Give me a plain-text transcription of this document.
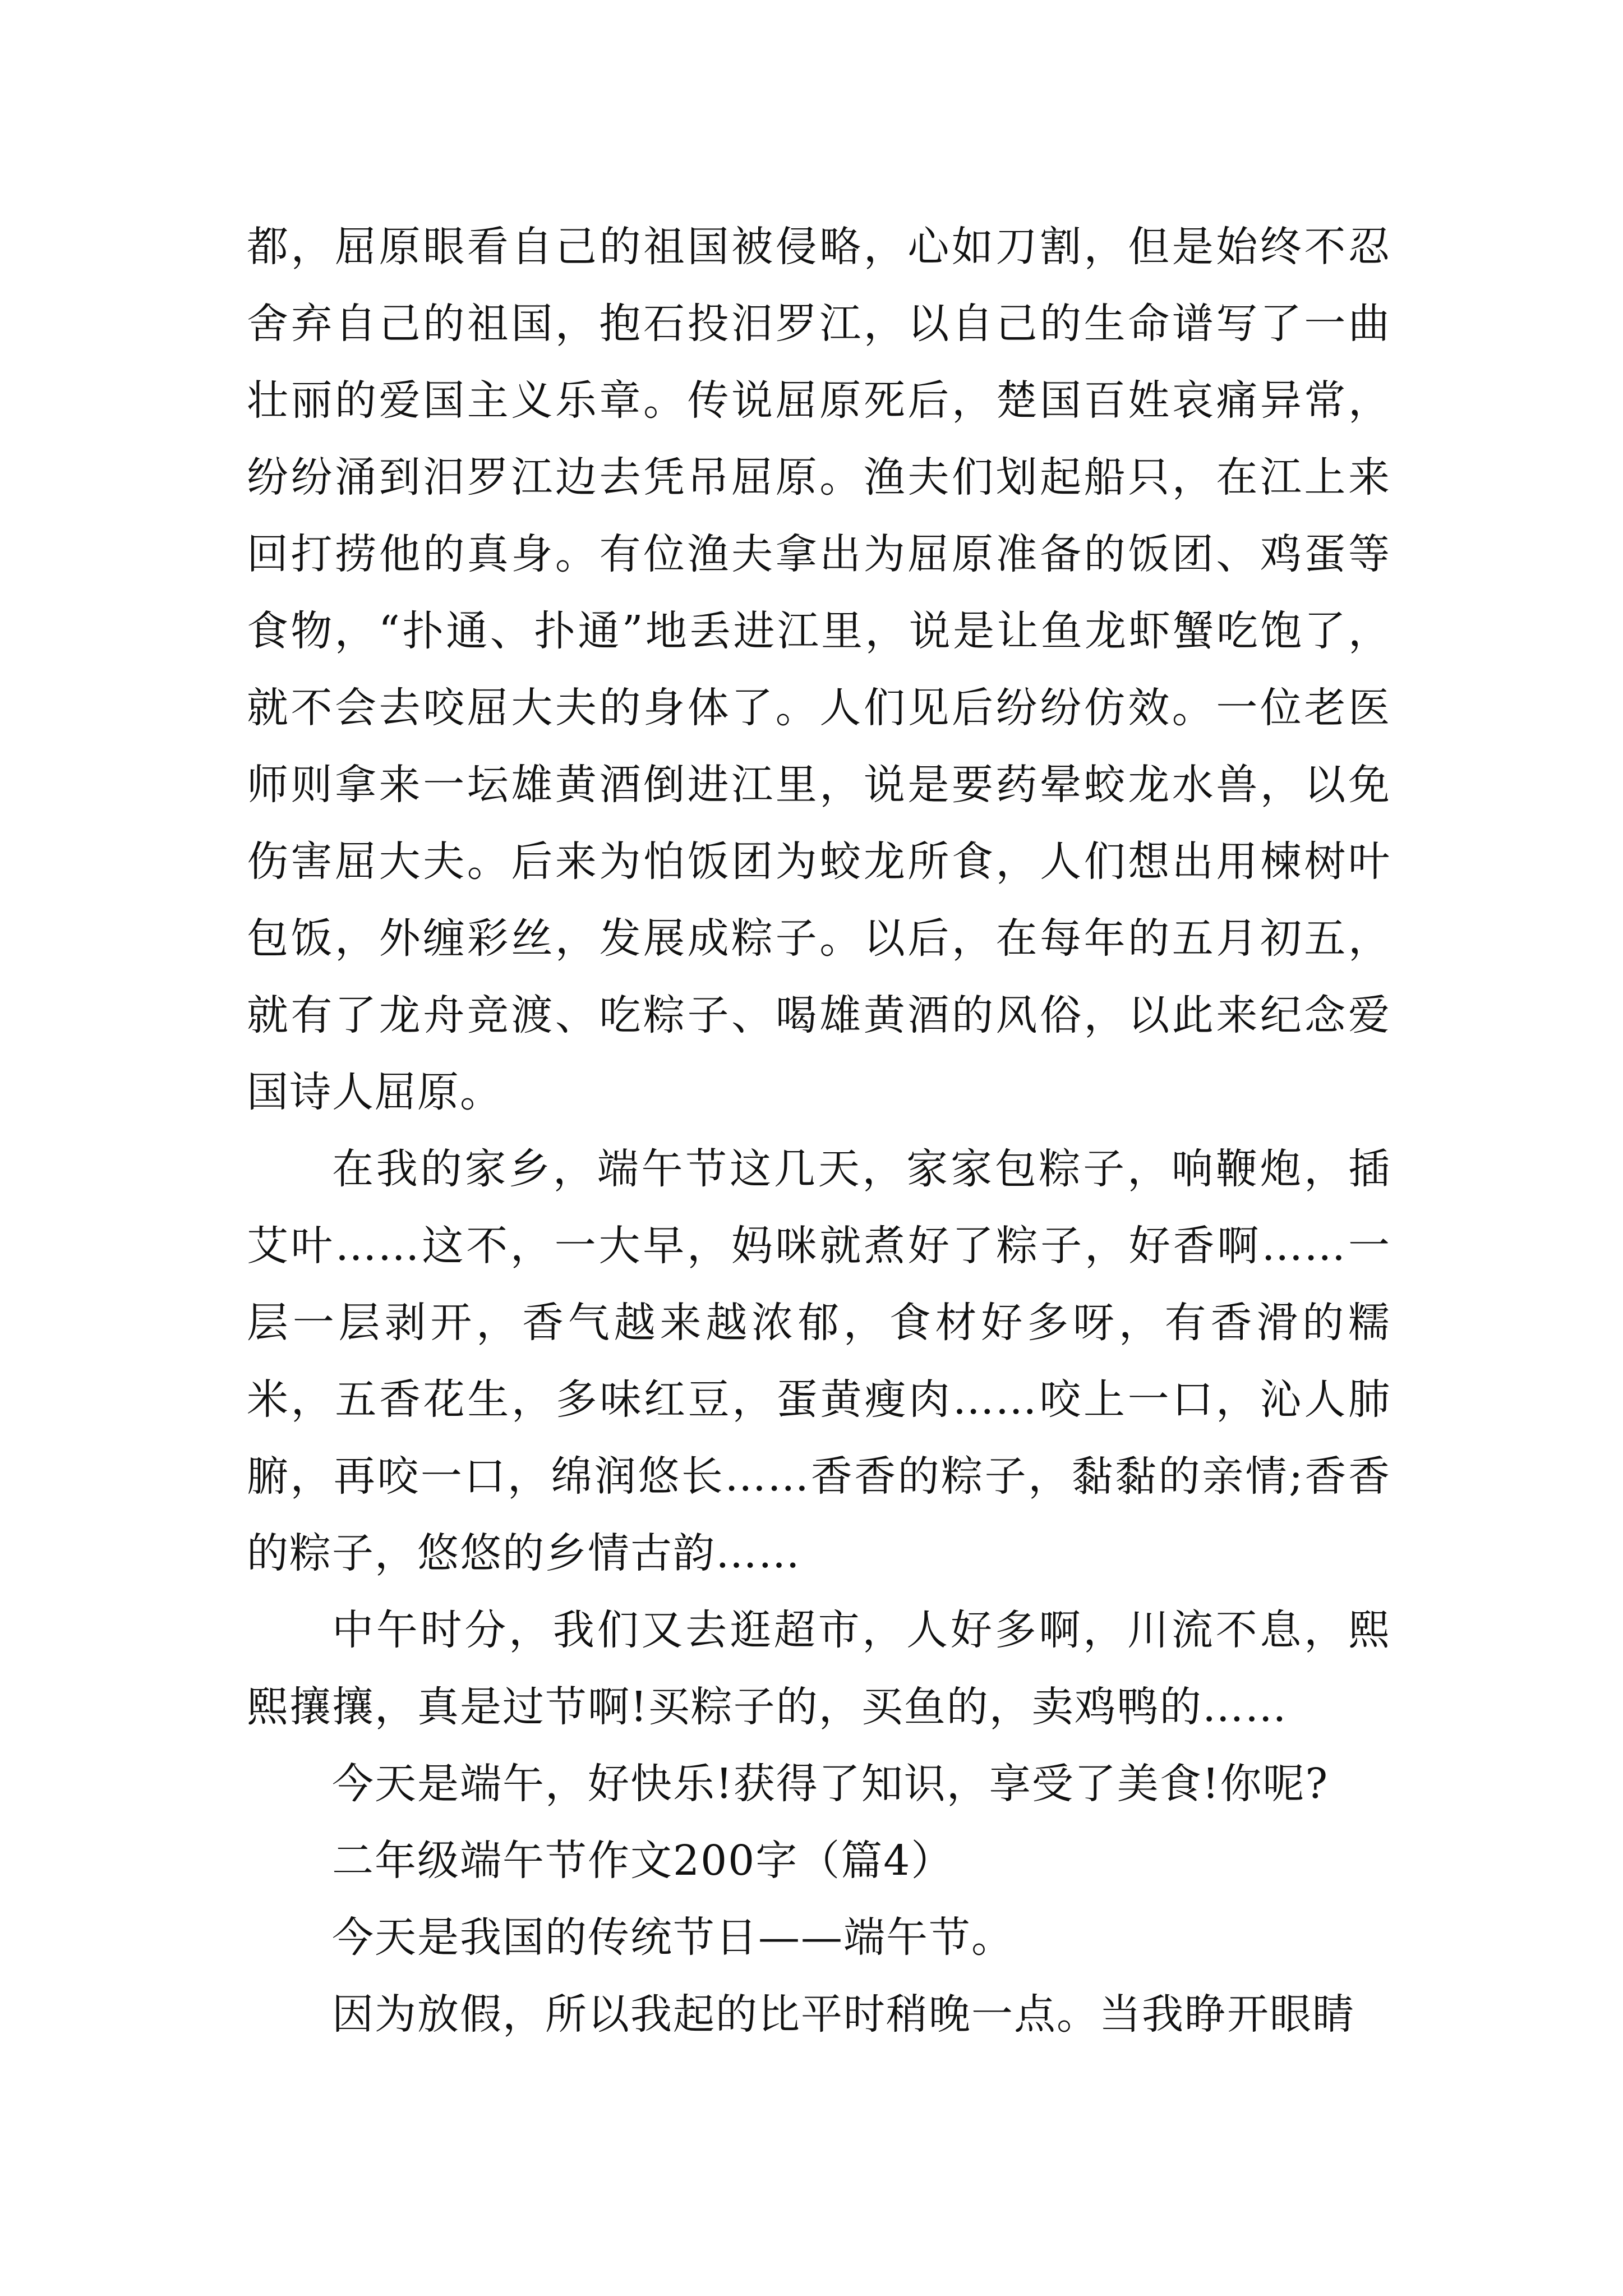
都，屈原眼看自己的祖国被侵略，心如刀割，但是始终不忍舍弃自己的祖国，抱石投汨罗江，以自己的生命谱写了一曲壮丽的爱国主义乐章。传说屈原死后，楚国百姓哀痛异常，纷纷涌到汨罗江边去凭吊屈原。渔夫们划起船只，在江上来回打捞他的真身。有位渔夫拿出为屈原准备的饭团、鸡蛋等食物，“扑通、扑通”地丢进江里，说是让鱼龙虾蟹吃饱了，就不会去咬屈大夫的身体了。人们见后纷纷仿效。一位老医师则拿来一坛雄黄酒倒进江里，说是要药晕蛟龙水兽，以免伤害屈大夫。后来为怕饭团为蛟龙所食，人们想出用楝树叶包饭，外缠彩丝，发展成粽子。以后，在每年的五月初五，就有了龙舟竞渡、吃粽子、喝雄黄酒的风俗，以此来纪念爱国诗人屈原。

在我的家乡，端午节这几天，家家包粽子，响鞭炮，插艾叶……这不，一大早，妈咪就煮好了粽子，好香啊……一层一层剥开，香气越来越浓郁，食材好多呀，有香滑的糯米，五香花生，多味红豆，蛋黄瘦肉……咬上一口，沁人肺腑，再咬一口，绵润悠长……香香的粽子，黏黏的亲情;香香的粽子，悠悠的乡情古韵……

中午时分，我们又去逛超市，人好多啊，川流不息，熙熙攘攘，真是过节啊!买粽子的，买鱼的，卖鸡鸭的……

今天是端午，好快乐!获得了知识，享受了美食!你呢?

二年级端午节作文200字（篇4）

今天是我国的传统节日——端午节。

因为放假，所以我起的比平时稍晚一点。当我睁开眼睛
